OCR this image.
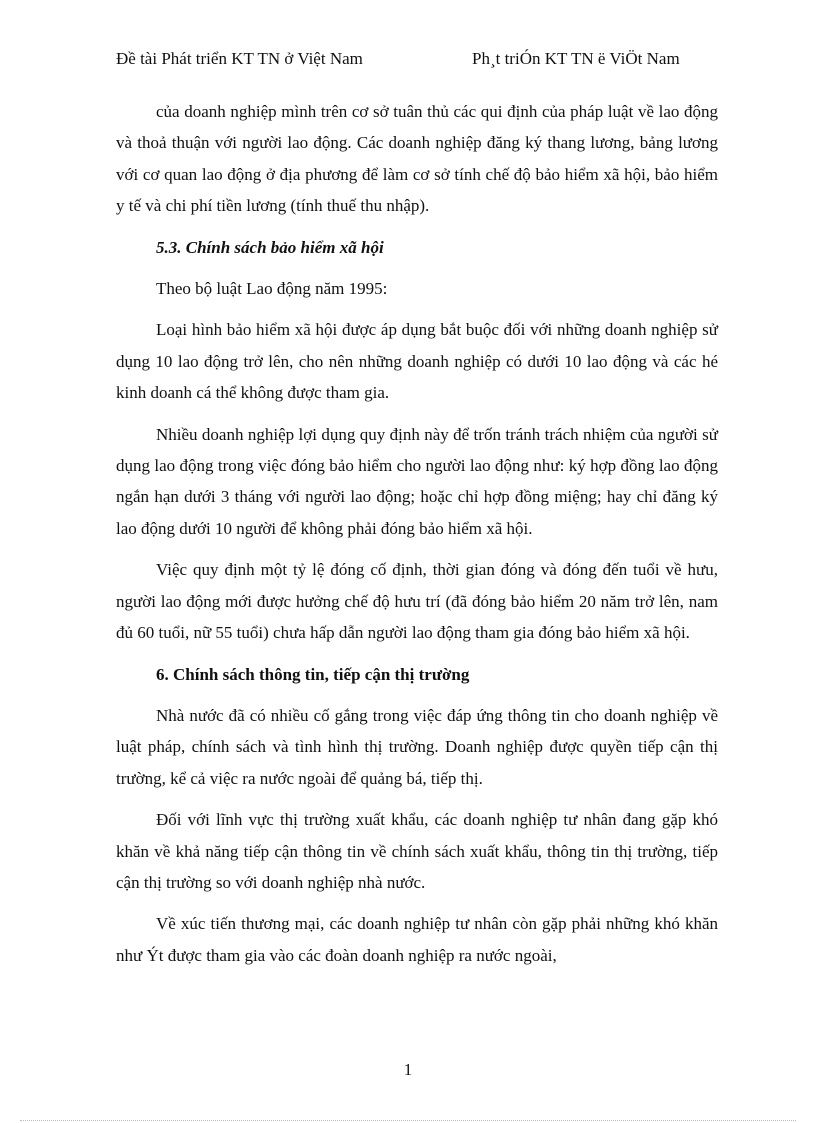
Đề tài Phát triển KT TN ở Việt Nam	Ph¸t triÓn KT TN ë ViÖt Nam

của doanh nghiệp mình trên cơ sở tuân thủ các qui định của pháp luật về lao động và thoả thuận với người lao động. Các doanh nghiệp đăng ký thang lương, bảng lương với cơ quan lao động ở địa phương để làm cơ sở tính chế độ bảo hiểm xã hội, bảo hiểm y tế và chi phí tiền lương (tính thuế thu nhập).

5.3. Chính sách bảo hiểm xã hội

Theo bộ luật Lao động năm 1995:

Loại hình bảo hiểm xã hội được áp dụng bắt buộc đối với những doanh nghiệp sử dụng 10 lao động trở lên, cho nên những doanh nghiệp có dưới 10 lao động và các hé kinh doanh cá thể không được tham gia.

Nhiều doanh nghiệp lợi dụng quy định này để trốn tránh trách nhiệm của người sử dụng lao động trong việc đóng bảo hiểm cho người lao động như: ký hợp đồng lao động ngắn hạn dưới 3 tháng với người lao động; hoặc chỉ hợp đồng miệng; hay chỉ đăng ký lao động dưới 10 người để không phải đóng bảo hiểm xã hội.

Việc quy định một tỷ lệ đóng cố định, thời gian đóng và đóng đến tuổi về hưu, người lao động mới được hưởng chế độ hưu trí (đã đóng bảo hiểm 20 năm trở lên, nam đủ 60 tuổi, nữ 55 tuổi) chưa hấp dẫn người lao động tham gia đóng bảo hiểm xã hội.

6. Chính sách thông tin, tiếp cận thị trường

Nhà nước đã có nhiều cố gắng trong việc đáp ứng thông tin cho doanh nghiệp về luật pháp, chính sách và tình hình thị trường. Doanh nghiệp được quyền tiếp cận thị trường, kể cả việc ra nước ngoài để quảng bá, tiếp thị.

Đối với lĩnh vực thị trường xuất khẩu, các doanh nghiệp tư nhân đang gặp khó khăn về khả năng tiếp cận thông tin về chính sách xuất khẩu, thông tin thị trường, tiếp cận thị trường so với doanh nghiệp nhà nước.

Về xúc tiến thương mại, các doanh nghiệp tư nhân còn gặp phải những khó khăn như Ýt được tham gia vào các đoàn doanh nghiệp ra nước ngoài,

1
